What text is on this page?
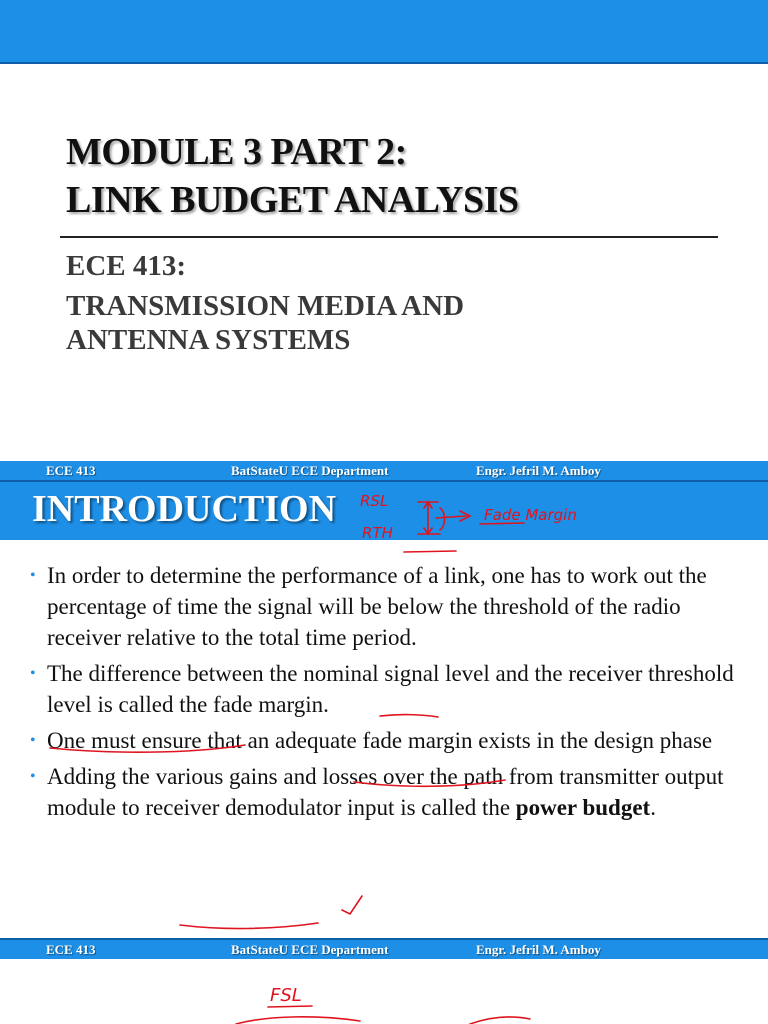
MODULE 3 PART 2:
LINK BUDGET ANALYSIS
ECE 413:
TRANSMISSION MEDIA AND
ANTENNA SYSTEMS
ECE 413	BatStateU ECE Department	Engr. Jefril M. Amboy
INTRODUCTION RSL
RTH
Fade Margin
• In order to determine the performance of a link, one has to work out the percentage of time the signal will be below the threshold of the radio receiver relative to the total time period.
• The difference between the nominal signal level and the receiver threshold level is called the fade margin.
• One must ensure that an adequate fade margin exists in the design phase
• Adding the various gains and losses over the path from transmitter output module to receiver demodulator input is called the power budget.
ECE 413	BatStateU ECE Department	Engr. Jefril M. Amboy
FSL
